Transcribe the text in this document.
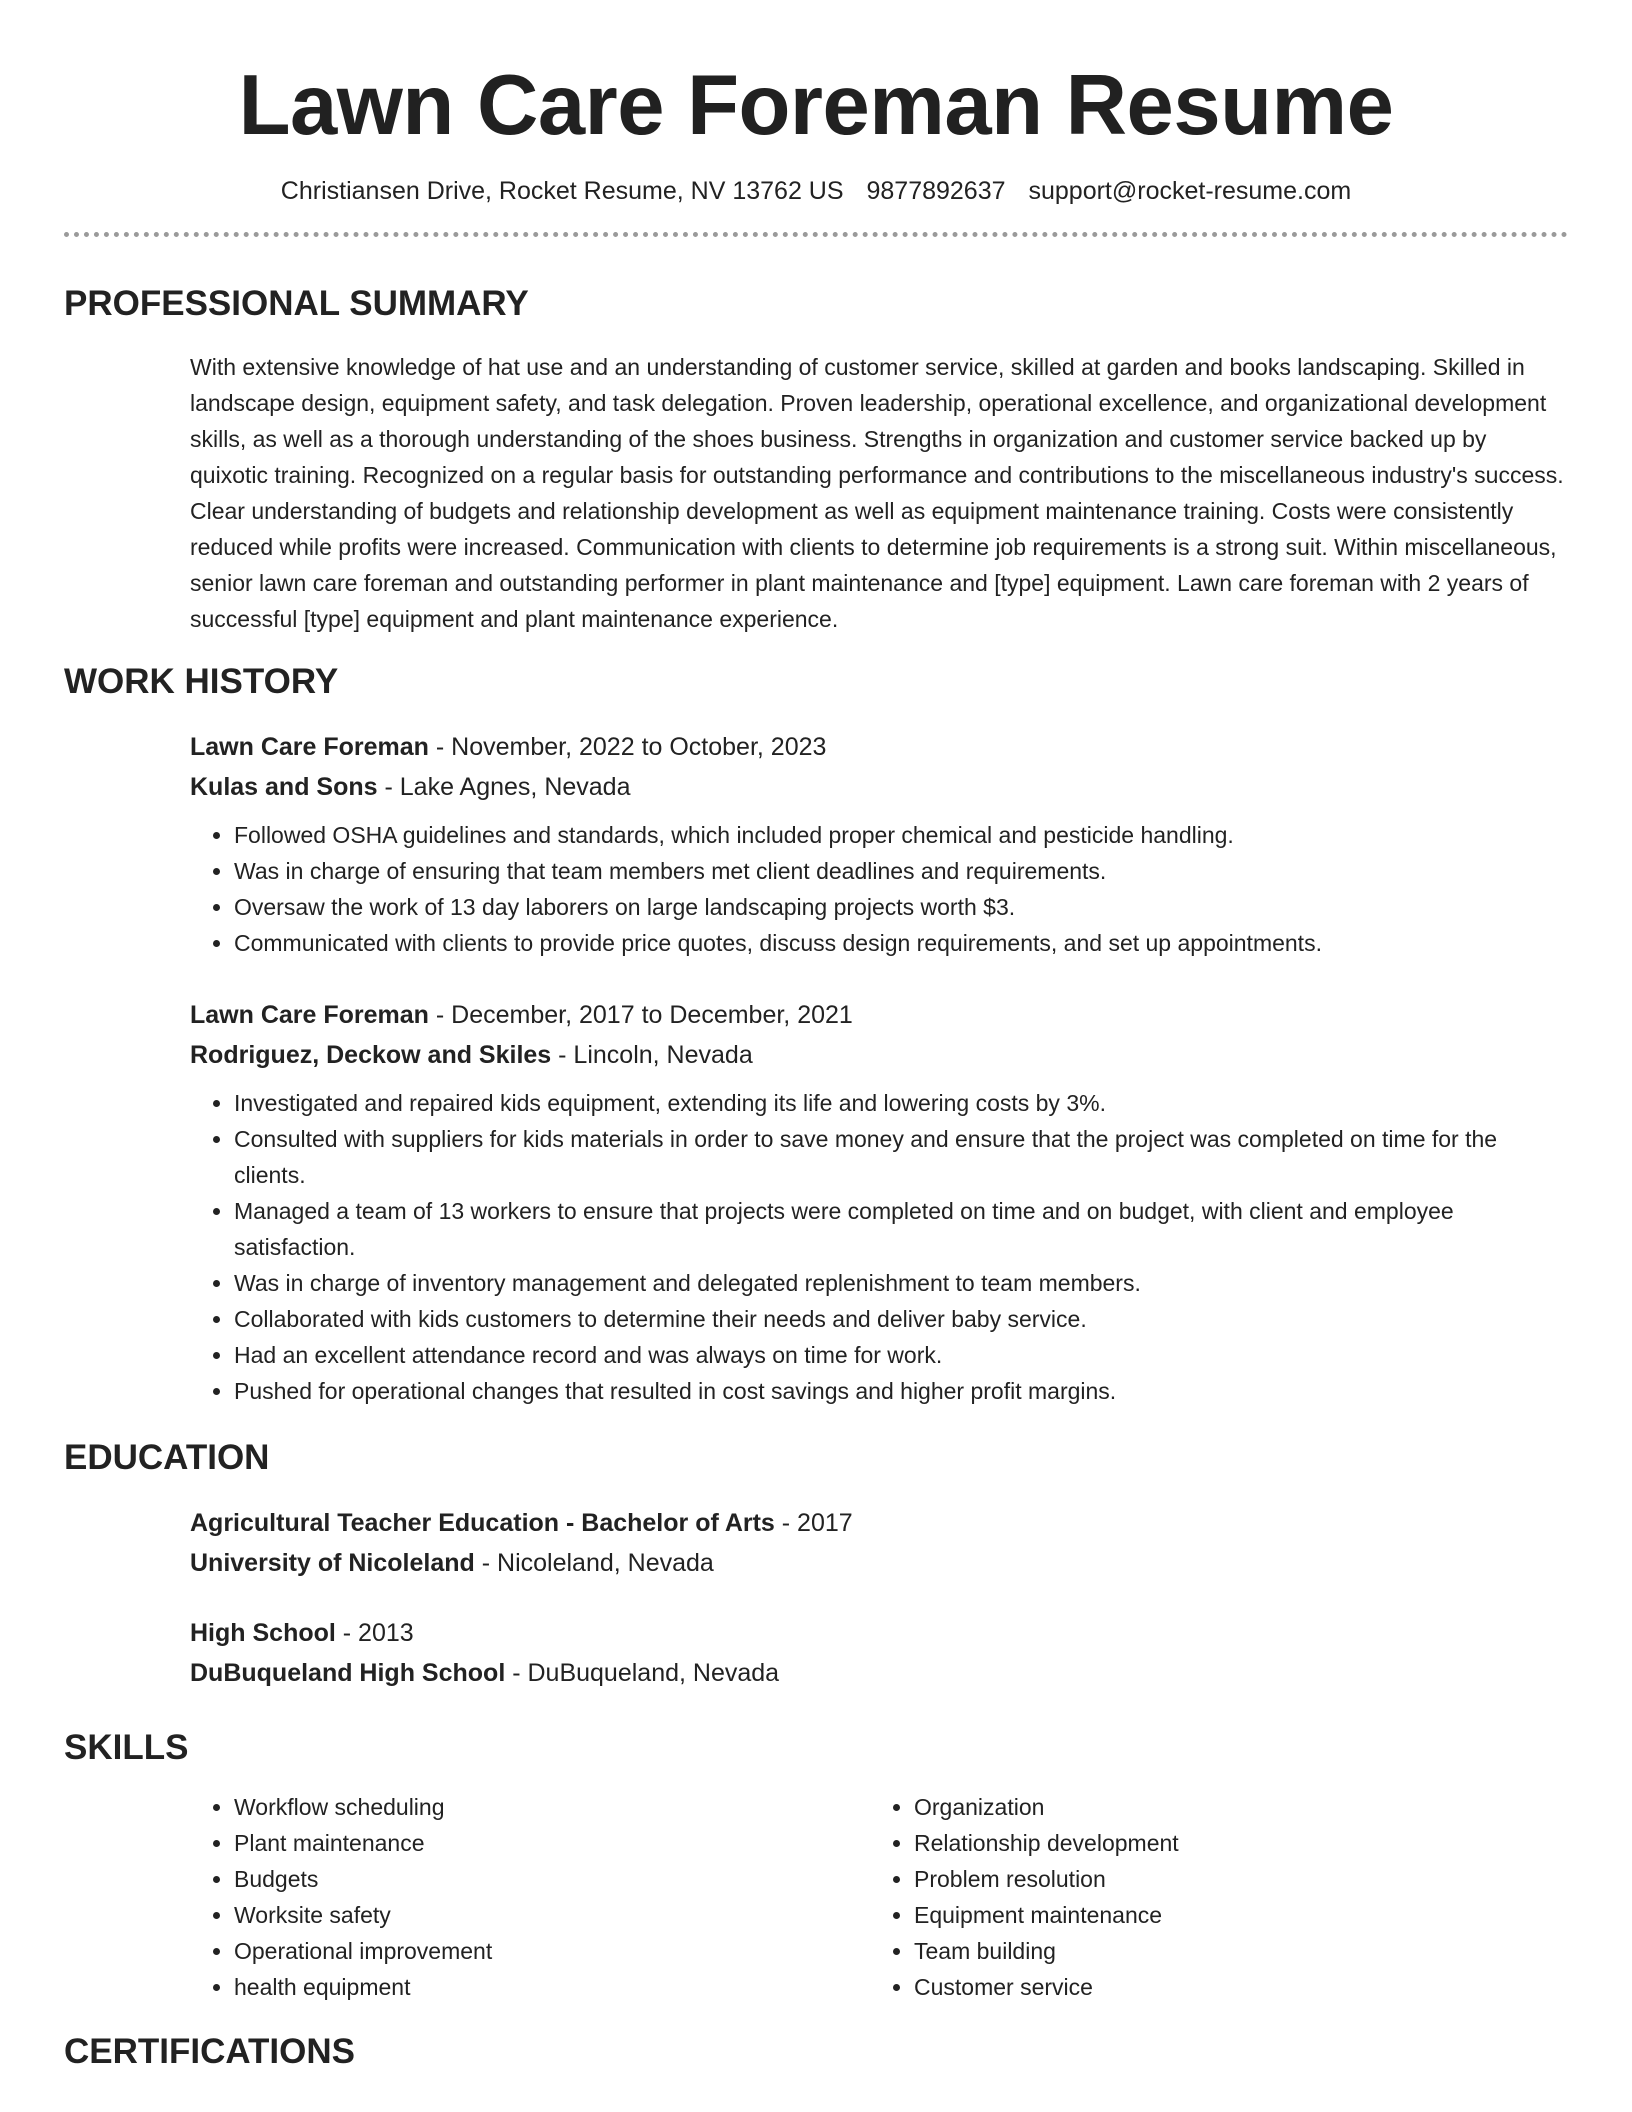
Lawn Care Foreman Resume
Christiansen Drive, Rocket Resume, NV 13762 US 9877892637 support@rocket-resume.com
PROFESSIONAL SUMMARY
With extensive knowledge of hat use and an understanding of customer service, skilled at garden and books landscaping. Skilled in landscape design, equipment safety, and task delegation. Proven leadership, operational excellence, and organizational development skills, as well as a thorough understanding of the shoes business. Strengths in organization and customer service backed up by quixotic training. Recognized on a regular basis for outstanding performance and contributions to the miscellaneous industry's success. Clear understanding of budgets and relationship development as well as equipment maintenance training. Costs were consistently reduced while profits were increased. Communication with clients to determine job requirements is a strong suit. Within miscellaneous, senior lawn care foreman and outstanding performer in plant maintenance and [type] equipment. Lawn care foreman with 2 years of successful [type] equipment and plant maintenance experience.
WORK HISTORY
Lawn Care Foreman - November, 2022 to October, 2023
Kulas and Sons - Lake Agnes, Nevada
• Followed OSHA guidelines and standards, which included proper chemical and pesticide handling.
• Was in charge of ensuring that team members met client deadlines and requirements.
• Oversaw the work of 13 day laborers on large landscaping projects worth $3.
• Communicated with clients to provide price quotes, discuss design requirements, and set up appointments.
Lawn Care Foreman - December, 2017 to December, 2021
Rodriguez, Deckow and Skiles - Lincoln, Nevada
• Investigated and repaired kids equipment, extending its life and lowering costs by 3%.
• Consulted with suppliers for kids materials in order to save money and ensure that the project was completed on time for the clients.
• Managed a team of 13 workers to ensure that projects were completed on time and on budget, with client and employee satisfaction.
• Was in charge of inventory management and delegated replenishment to team members.
• Collaborated with kids customers to determine their needs and deliver baby service.
• Had an excellent attendance record and was always on time for work.
• Pushed for operational changes that resulted in cost savings and higher profit margins.
EDUCATION
Agricultural Teacher Education - Bachelor of Arts - 2017
University of Nicoleland - Nicoleland, Nevada
High School - 2013
DuBuqueland High School - DuBuqueland, Nevada
SKILLS
• Workflow scheduling
• Plant maintenance
• Budgets
• Worksite safety
• Operational improvement
• health equipment
• Organization
• Relationship development
• Problem resolution
• Equipment maintenance
• Team building
• Customer service
CERTIFICATIONS
